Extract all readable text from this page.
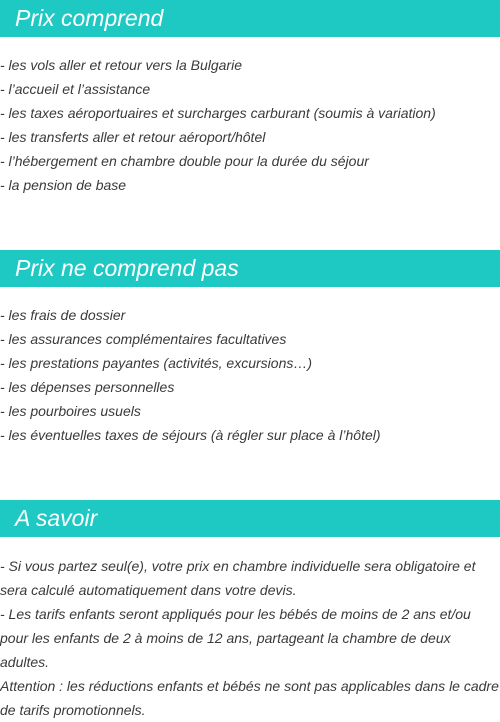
Prix comprend
- les vols aller et retour vers la Bulgarie
- l’accueil et l’assistance
- les taxes aéroportuaires et surcharges carburant (soumis à variation)
- les transferts aller et retour aéroport/hôtel
- l’hébergement en chambre double pour la durée du séjour
- la pension de base
Prix ne comprend pas
- les frais de dossier
- les assurances complémentaires facultatives
- les prestations payantes (activités, excursions…)
- les dépenses personnelles
- les pourboires usuels
- les éventuelles taxes de séjours (à régler sur place à l’hôtel)
A savoir

- Si vous partez seul(e), votre prix en chambre individuelle sera obligatoire et sera calculé automatiquement dans votre devis.

- Les tarifs enfants seront appliqués pour les bébés de moins de 2 ans et/ou pour les enfants de 2 à moins de 12 ans, partageant la chambre de deux adultes.

Attention : les réductions enfants et bébés ne sont pas applicables dans le cadre de tarifs promotionnels.
